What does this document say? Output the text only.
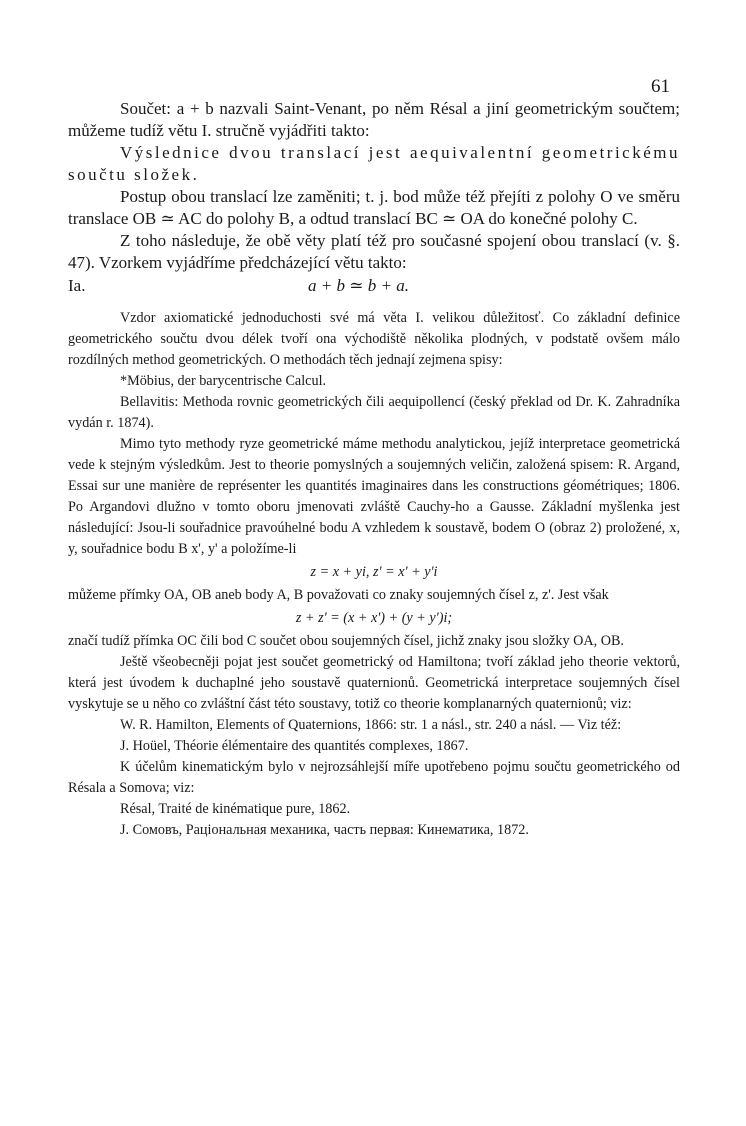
61

Součet: a + b nazvali Saint-Venant, po něm Résal a jiní geometrickým součtem; můžeme tudíž větu I. stručně vyjádřiti takto:

Výslednice dvou translací jest aequivalentní geometrickému součtu složek.

Postup obou translací lze zaměniti; t. j. bod může též přejíti z polohy O ve směru translace OB ≃ AC do polohy B, a odtud translací BC ≃ OA do konečné polohy C.

Z toho následuje, že obě věty platí též pro současné spojení obou translací (v. §. 47). Vzorkem vyjádříme předcházející větu takto:

Ia.	a + b ≃ b + a.

Vzdor axiomatické jednoduchosti své má věta I. velikou důležitosť. Co základní definice geometrického součtu dvou délek tvoří ona východiště několika plodných, v podstatě ovšem málo rozdílných method geometrických. O methodách těch jednají zejmena spisy:

*Möbius, der barycentrische Calcul.

Bellavitis: Methoda rovnic geometrických čili aequipollencí (český překlad od Dr. K. Zahradníka vydán r. 1874).

Mimo tyto methody ryze geometrické máme methodu analytickou, jejíž interpretace geometrická vede k stejným výsledkům. Jest to theorie pomyslných a soujemných veličin, založená spisem: R. Argand, Essai sur une manière de représenter les quantités imaginaires dans les constructions géométriques; 1806. Po Argandovi dlužno v tomto oboru jmenovati zvláště Cauchy-ho a Gausse. Základní myšlenka jest následující: Jsou-li souřadnice pravoúhelné bodu A vzhledem k soustavě, bodem O (obraz 2) proložené, x, y, souřadnice bodu B x', y' a položíme-li

z = x + yi, z' = x' + y'i

můžeme přímky OA, OB aneb body A, B považovati co znaky soujemných čísel z, z'. Jest však

z + z' = (x + x') + (y + y')i;

značí tudíž přímka OC čili bod C součet obou soujemných čísel, jichž znaky jsou složky OA, OB.

Ještě všeobecněji pojat jest součet geometrický od Hamiltona; tvoří základ jeho theorie vektorů, která jest úvodem k duchaplné jeho soustavě quaternionů. Geometrická interpretace soujemných čísel vyskytuje se u něho co zvláštní část této soustavy, totiž co theorie komplanarných quaternionů; viz:

W. R. Hamilton, Elements of Quaternions, 1866: str. 1 a násl., str. 240 a násl. — Viz též:

J. Hoüel, Théorie élémentaire des quantités complexes, 1867.

K účelům kinematickým bylo v nejrozsáhlejší míře upotřebeno pojmu součtu geometrického od Résala a Somova; viz:

Résal, Traité de kinématique pure, 1862.

J. Сомовъ, Раціональная механика, часть первая: Кинематика, 1872.
